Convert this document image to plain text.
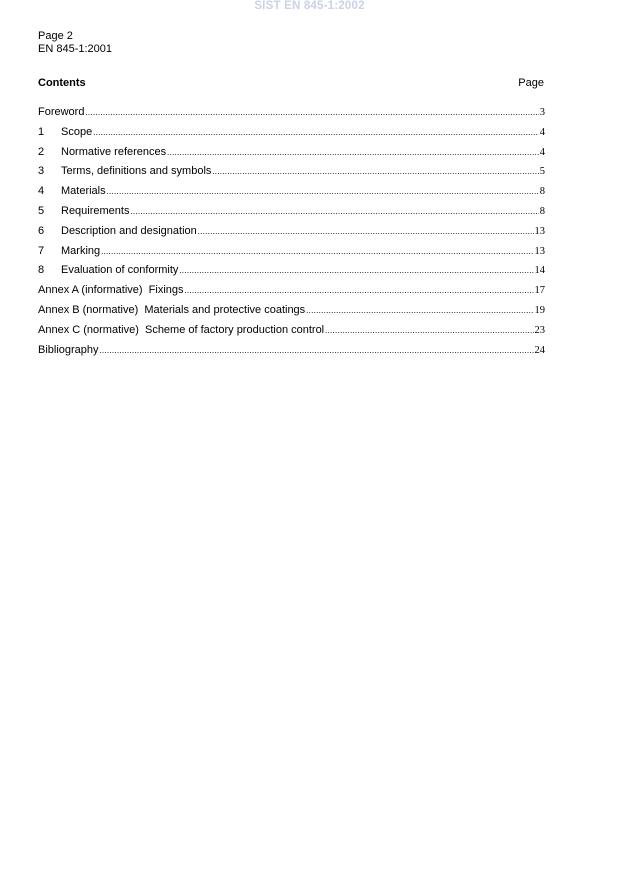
SIST EN 845-1:2002
Page 2
EN 845-1:2001
Contents	Page
Foreword .....	3
1	Scope .....	4
2	Normative references .....	4
3	Terms, definitions and symbols .....	5
4	Materials .....	8
5	Requirements .....	8
6	Description and designation .....	13
7	Marking .....	13
8	Evaluation of conformity .....	14
Annex A (informative)  Fixings .....	17
Annex B (normative)  Materials and protective coatings .....	19
Annex C (normative)  Scheme of factory production control .....	23
Bibliography .....	24
